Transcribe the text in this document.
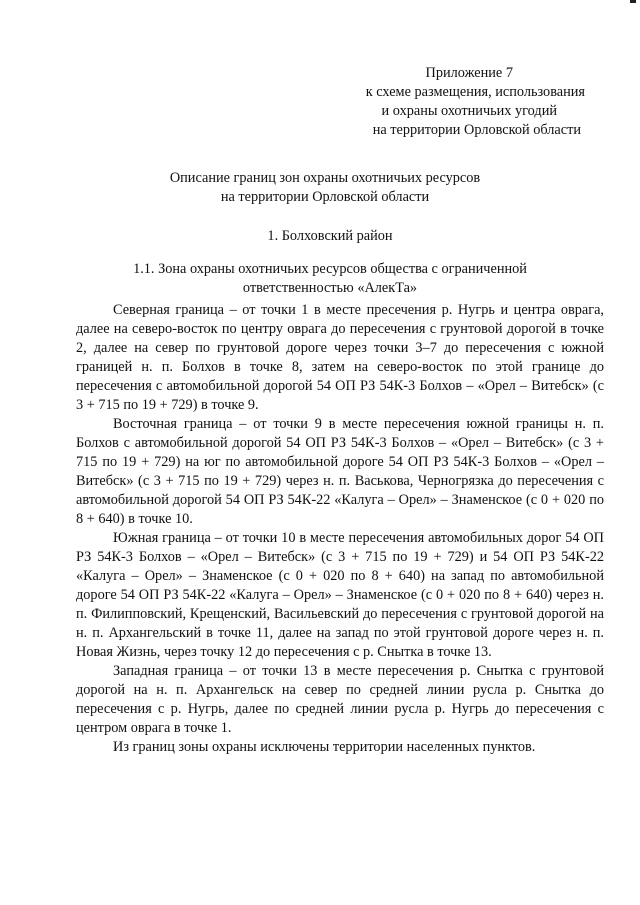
Приложение 7
к схеме размещения, использования
и охраны охотничьих угодий
на территории Орловской области
Описание границ зон охраны охотничьих ресурсов
на территории Орловской области
1. Болховский район
1.1. Зона охраны охотничьих ресурсов общества с ограниченной
ответственностью «АлекТа»

Северная граница – от точки 1 в месте пресечения р. Нугрь и центра оврага, далее на северо-восток по центру оврага до пересечения с грунтовой дорогой в точке 2, далее на север по грунтовой дороге через точки 3–7 до пересечения с южной границей н. п. Болхов в точке 8, затем на северо-восток по этой границе до пересечения с автомобильной дорогой 54 ОП РЗ 54К-3 Болхов – «Орел – Витебск» (с 3 + 715 по 19 + 729) в точке 9.

Восточная граница – от точки 9 в месте пересечения южной границы н. п. Болхов с автомобильной дорогой 54 ОП РЗ 54К-3 Болхов – «Орел – Витебск» (с 3 + 715 по 19 + 729) на юг по автомобильной дороге 54 ОП РЗ 54К-3 Болхов – «Орел – Витебск» (с 3 + 715 по 19 + 729) через н. п. Васькова, Черногрязка до пересечения с автомобильной дорогой 54 ОП РЗ 54К-22 «Калуга – Орел» – Знаменское (с 0 + 020 по 8 + 640) в точке 10.

Южная граница – от точки 10 в месте пересечения автомобильных дорог 54 ОП РЗ 54К-3 Болхов – «Орел – Витебск» (с 3 + 715 по 19 + 729) и 54 ОП РЗ 54К-22 «Калуга – Орел» – Знаменское (с 0 + 020 по 8 + 640) на запад по автомобильной дороге 54 ОП РЗ 54К-22 «Калуга – Орел» – Знаменское (с 0 + 020 по 8 + 640) через н. п. Филипповский, Крещенский, Васильевский до пересечения с грунтовой дорогой на н. п. Архангельский в точке 11, далее на запад по этой грунтовой дороге через н. п. Новая Жизнь, через точку 12 до пересечения с р. Снытка в точке 13.

Западная граница – от точки 13 в месте пересечения р. Снытка с грунтовой дорогой на н. п. Архангельск на север по средней линии русла р. Снытка до пересечения с р. Нугрь, далее по средней линии русла р. Нугрь до пересечения с центром оврага в точке 1.

Из границ зоны охраны исключены территории населенных пунктов.
